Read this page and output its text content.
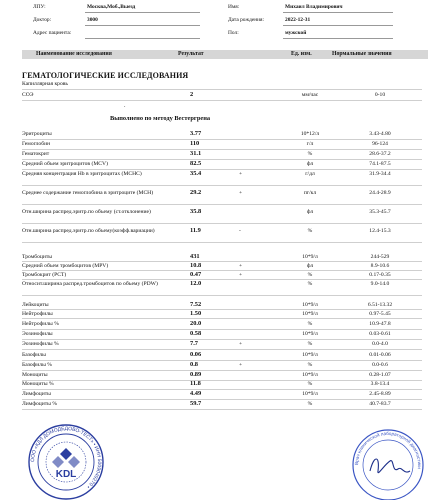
ЛПУ:	Москва,Моб.,Выезд
Доктор:	3000
Адрес пациента:
Имя:	Михаил Владимирович
Дата рождения:	2022-12-31
Пол:	мужской
Наименование исследования	Результат	Ед. изм.	Нормальные значения
ГЕМАТОЛОГИЧЕСКИЕ ИССЛЕДОВАНИЯ
Капиллярная кровь
СОЭ	2	мм/час	0-10
Эритроциты	3.77	10*12/л	3.43-4.80
Гемоглобин	110	г/л	96-124
Гематокрит	31.1	%	28.6-37.2
Средний объем эритроцитов (MCV)	82.5	фл	74.1-87.5
Средняя концентрация Hb в эритроцитах (MCHC)	35.4	+	г/дл	31.9-34.4
Среднее содержание гемоглобина в эритроците (МСН)	29.2	+	пг/кл	24.4-28.9
Отн.ширина распред.эритр.по объему (ст.отклонение)	35.8	фл	35.3-45.7
Отн.ширина распред.эритр.по объему(коэфф.вариации)	11.9	-	%	12.4-15.3
Тромбоциты	431	10*9/л	244-529
Средний объем тромбоцитов (MPV)	10.8	+	фл	8.9-10.6
Тромбокрит (PCT)	0.47	+	%	0.17-0.35
Относит.ширина распред.тромбоцитов по объему (PDW)	12.0	%	9.0-14.0
Лейкоциты	7.52	10*9/л	6.51-13.32
Нейтрофилы	1.50	10*9/л	0.97-5.45
Нейтрофилы %	20.0	%	10.9-47.8
Эозинофилы	0.58	10*9/л	0.03-0.61
Эозинофилы %	7.7	+	%	0.0-4.0
Базофилы	0.06	10*9/л	0.01-0.06
Базофилы %	0.8	+	%	0.0-0.6
Моноциты	0.89	10*9/л	0.28-1.07
Моноциты %	11.8	%	3.8-13.4
Лимфоциты	4.49	10*9/л	2.45-8.89
Лимфоциты %	59.7	%	40.7-83.7
.
Выполнено по методу Вестергрена
ООО «КДЛ ДОМОДЕДОВО-ТЕСТ» • ИНН 5009049270 •
KDL
Врач клинической лабораторной диагностики
